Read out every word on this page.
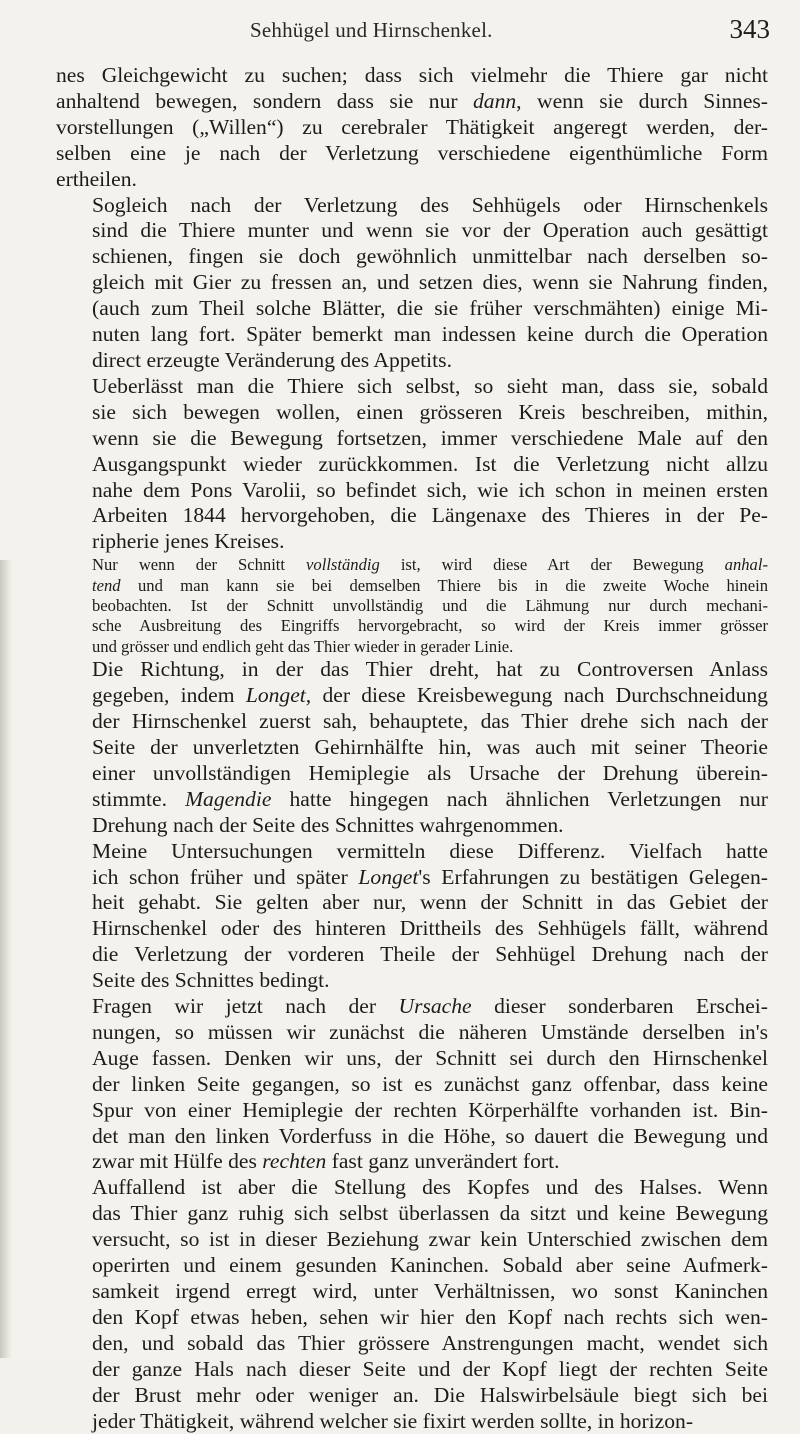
Sehhügel und Hirnschenkel.	343

nes Gleichgewicht zu suchen; dass sich vielmehr die Thiere gar nicht
anhaltend bewegen, sondern dass sie nur dann, wenn sie durch Sinnes-
vorstellungen („Willen“) zu cerebraler Thätigkeit angeregt werden, der-
selben eine je nach der Verletzung verschiedene eigenthümliche Form
ertheilen.

Sogleich nach der Verletzung des Sehhügels oder Hirnschenkels
sind die Thiere munter und wenn sie vor der Operation auch gesättigt
schienen, fingen sie doch gewöhnlich unmittelbar nach derselben so-
gleich mit Gier zu fressen an, und setzen dies, wenn sie Nahrung finden,
(auch zum Theil solche Blätter, die sie früher verschmähten) einige Mi-
nuten lang fort. Später bemerkt man indessen keine durch die Operation
direct erzeugte Veränderung des Appetits.

Ueberlässt man die Thiere sich selbst, so sieht man, dass sie, sobald
sie sich bewegen wollen, einen grösseren Kreis beschreiben, mithin,
wenn sie die Bewegung fortsetzen, immer verschiedene Male auf den
Ausgangspunkt wieder zurückkommen. Ist die Verletzung nicht allzu
nahe dem Pons Varolii, so befindet sich, wie ich schon in meinen ersten
Arbeiten 1844 hervorgehoben, die Längenaxe des Thieres in der Pe-
ripherie jenes Kreises.

Nur wenn der Schnitt vollständig ist, wird diese Art der Bewegung anhal-
tend und man kann sie bei demselben Thiere bis in die zweite Woche hinein
beobachten. Ist der Schnitt unvollständig und die Lähmung nur durch mechani-
sche Ausbreitung des Eingriffs hervorgebracht, so wird der Kreis immer grösser
und grösser und endlich geht das Thier wieder in gerader Linie.

Die Richtung, in der das Thier dreht, hat zu Controversen Anlass
gegeben, indem Longet, der diese Kreisbewegung nach Durchschneidung
der Hirnschenkel zuerst sah, behauptete, das Thier drehe sich nach der
Seite der unverletzten Gehirnhälfte hin, was auch mit seiner Theorie
einer unvollständigen Hemiplegie als Ursache der Drehung überein-
stimmte. Magendie hatte hingegen nach ähnlichen Verletzungen nur
Drehung nach der Seite des Schnittes wahrgenommen.

Meine Untersuchungen vermitteln diese Differenz. Vielfach hatte
ich schon früher und später Longet's Erfahrungen zu bestätigen Gelegen-
heit gehabt. Sie gelten aber nur, wenn der Schnitt in das Gebiet der
Hirnschenkel oder des hinteren Drittheils des Sehhügels fällt, während
die Verletzung der vorderen Theile der Sehhügel Drehung nach der
Seite des Schnittes bedingt.

Fragen wir jetzt nach der Ursache dieser sonderbaren Erschei-
nungen, so müssen wir zunächst die näheren Umstände derselben in's
Auge fassen. Denken wir uns, der Schnitt sei durch den Hirnschenkel
der linken Seite gegangen, so ist es zunächst ganz offenbar, dass keine
Spur von einer Hemiplegie der rechten Körperhälfte vorhanden ist. Bin-
det man den linken Vorderfuss in die Höhe, so dauert die Bewegung und
zwar mit Hülfe des rechten fast ganz unverändert fort.

Auffallend ist aber die Stellung des Kopfes und des Halses. Wenn
das Thier ganz ruhig sich selbst überlassen da sitzt und keine Bewegung
versucht, so ist in dieser Beziehung zwar kein Unterschied zwischen dem
operirten und einem gesunden Kaninchen. Sobald aber seine Aufmerk-
samkeit irgend erregt wird, unter Verhältnissen, wo sonst Kaninchen
den Kopf etwas heben, sehen wir hier den Kopf nach rechts sich wen-
den, und sobald das Thier grössere Anstrengungen macht, wendet sich
der ganze Hals nach dieser Seite und der Kopf liegt der rechten Seite
der Brust mehr oder weniger an. Die Halswirbelsäule biegt sich bei
jeder Thätigkeit, während welcher sie fixirt werden sollte, in horizon-
